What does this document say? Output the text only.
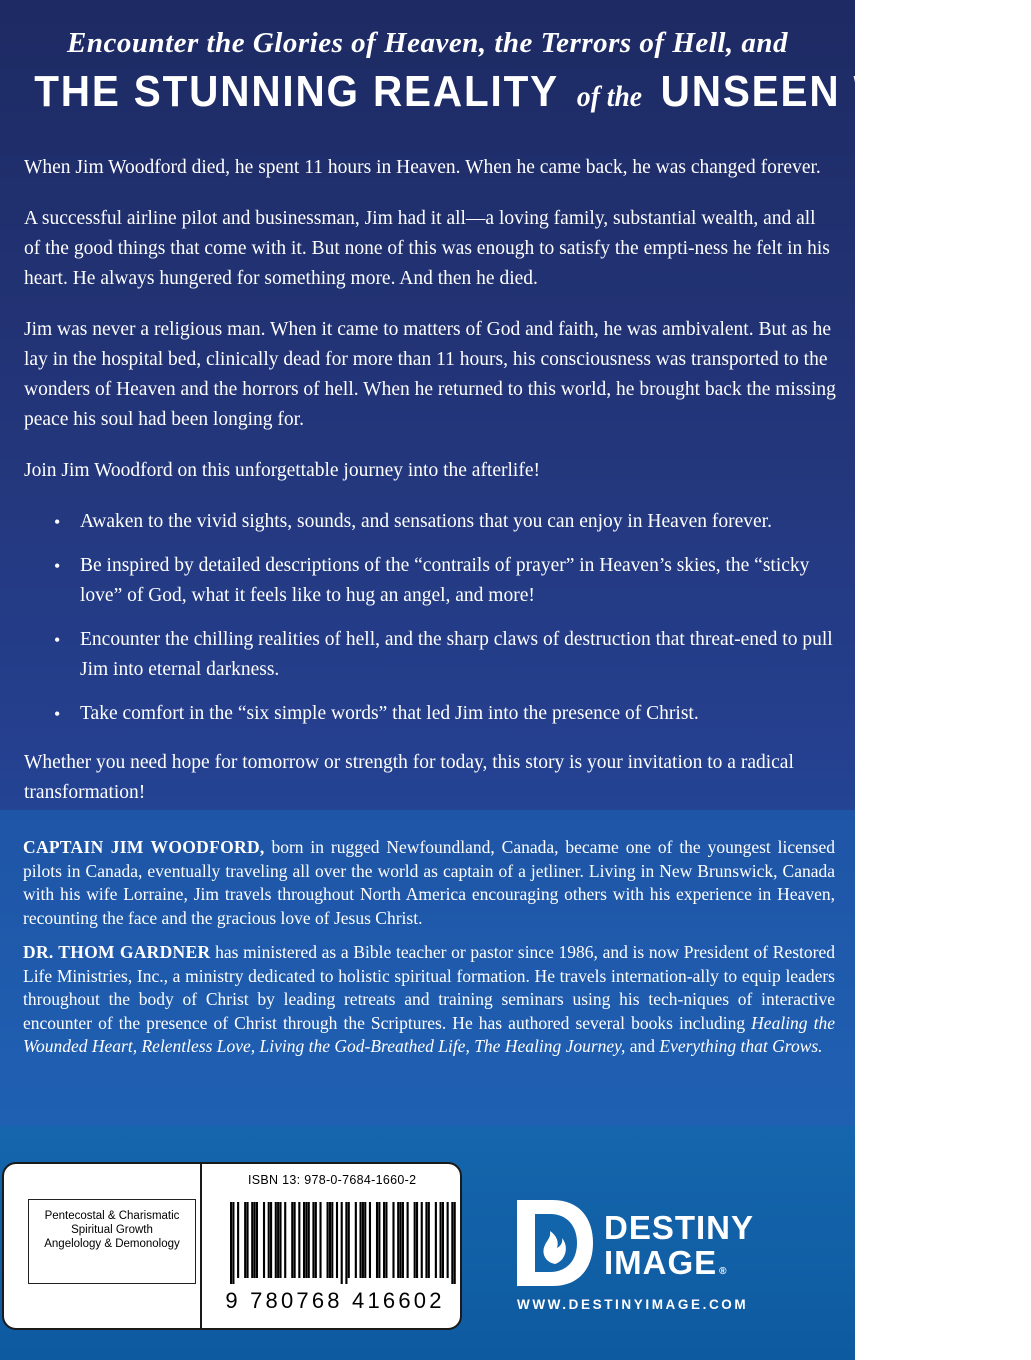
Encounter the Glories of Heaven, the Terrors of Hell, and
THE STUNNING REALITY of the UNSEEN WORLD!

When Jim Woodford died, he spent 11 hours in Heaven. When he came back, he was changed forever.

A successful airline pilot and businessman, Jim had it all—a loving family, substantial wealth, and all of the good things that come with it. But none of this was enough to satisfy the empti-ness he felt in his heart. He always hungered for something more. And then he died.

Jim was never a religious man. When it came to matters of God and faith, he was ambivalent. But as he lay in the hospital bed, clinically dead for more than 11 hours, his consciousness was transported to the wonders of Heaven and the horrors of hell. When he returned to this world, he brought back the missing peace his soul had been longing for.

Join Jim Woodford on this unforgettable journey into the afterlife!

• Awaken to the vivid sights, sounds, and sensations that you can enjoy in Heaven forever.
• Be inspired by detailed descriptions of the “contrails of prayer” in Heaven’s skies, the “sticky love” of God, what it feels like to hug an angel, and more!
• Encounter the chilling realities of hell, and the sharp claws of destruction that threat-ened to pull Jim into eternal darkness.
• Take comfort in the “six simple words” that led Jim into the presence of Christ.

Whether you need hope for tomorrow or strength for today, this story is your invitation to a radical transformation!

CAPTAIN JIM WOODFORD, born in rugged Newfoundland, Canada, became one of the youngest licensed pilots in Canada, eventually traveling all over the world as captain of a jetliner. Living in New Brunswick, Canada with his wife Lorraine, Jim travels throughout North America encouraging others with his experience in Heaven, recounting the face and the gracious love of Jesus Christ.

DR. THOM GARDNER has ministered as a Bible teacher or pastor since 1986, and is now President of Restored Life Ministries, Inc., a ministry dedicated to holistic spiritual formation. He travels internation-ally to equip leaders throughout the body of Christ by leading retreats and training seminars using his tech-niques of interactive encounter of the presence of Christ through the Scriptures. He has authored several books including Healing the Wounded Heart, Relentless Love, Living the God-Breathed Life, The Healing Journey, and Everything that Grows.

Pentecostal & Charismatic
Spiritual Growth
Angelology & Demonology
ISBN 13: 978-0-7684-1660-2
9 780768 416602
DESTINY
IMAGE ®
WWW.DESTINYIMAGE.COM
